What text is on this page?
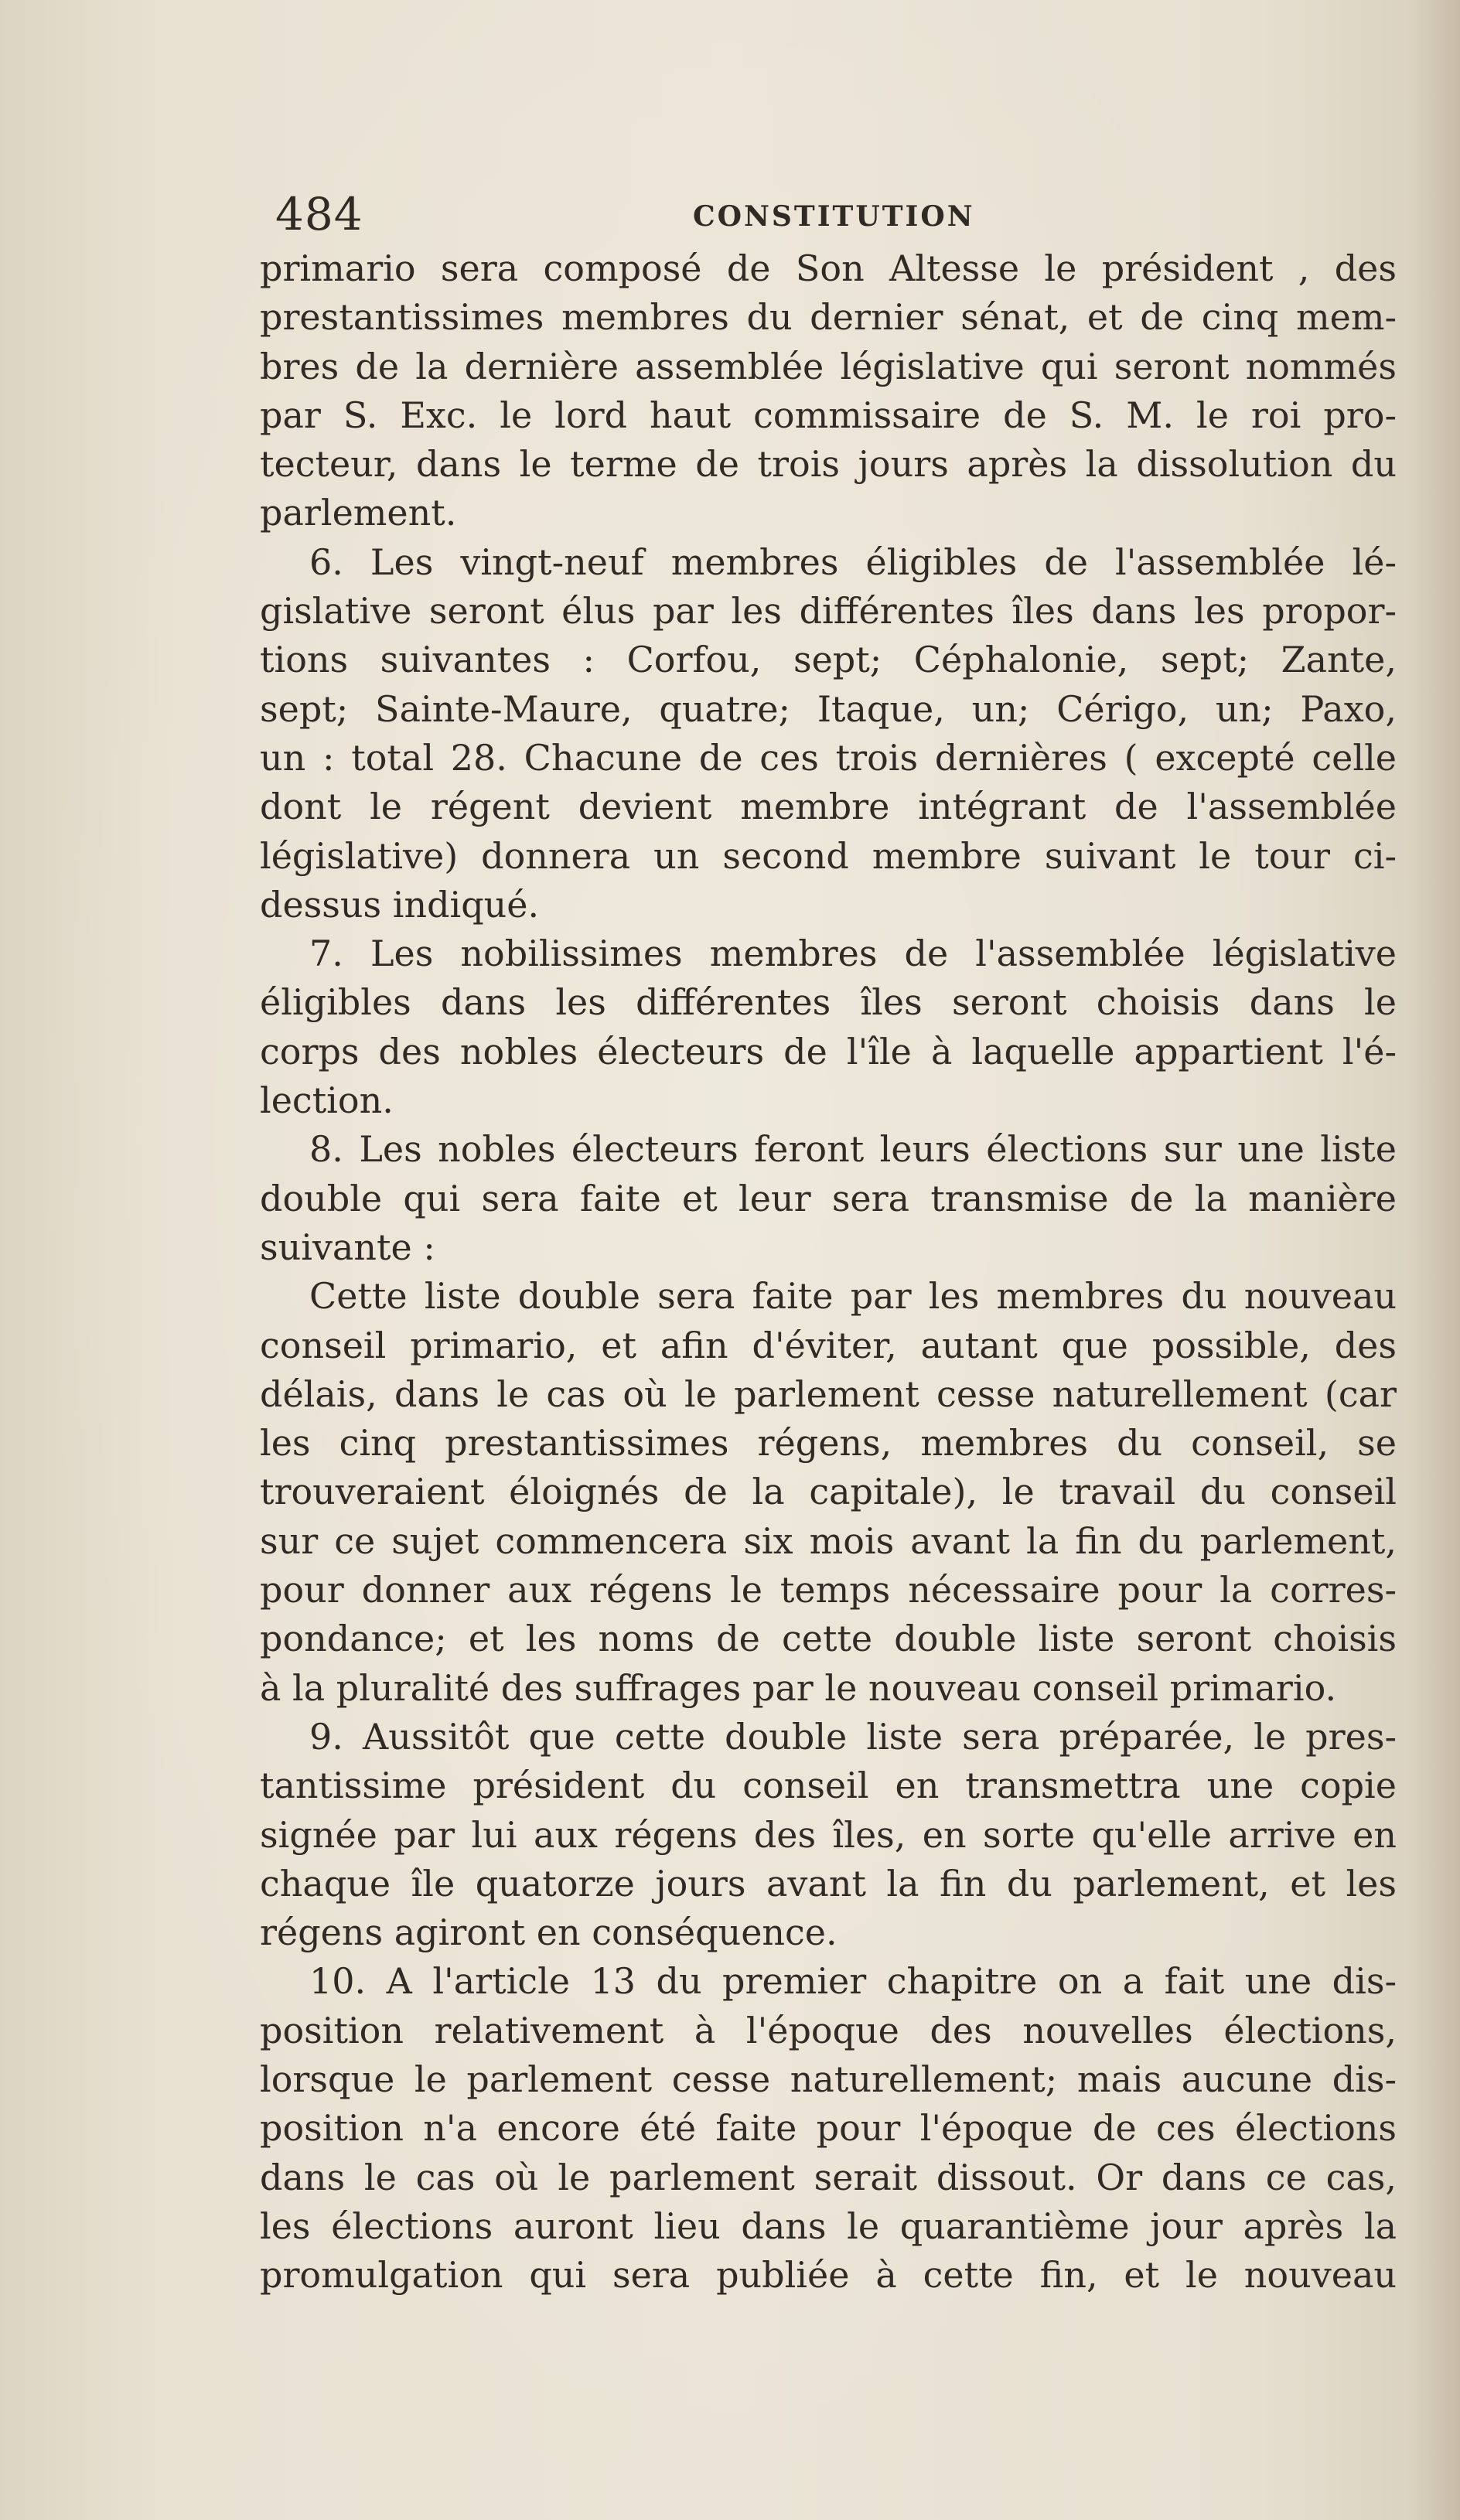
484	CONSTITUTION
primario sera composé de Son Altesse le président , des
prestantissimes membres du dernier sénat, et de cinq mem-
bres de la dernière assemblée législative qui seront nommés
par S. Exc. le lord haut commissaire de S. M. le roi pro-
tecteur, dans le terme de trois jours après la dissolution du
parlement.
6. Les vingt-neuf membres éligibles de l'assemblée lé-
gislative seront élus par les différentes îles dans les propor-
tions suivantes : Corfou, sept; Céphalonie, sept; Zante,
sept; Sainte-Maure, quatre; Itaque, un; Cérigo, un; Paxo,
un : total 28. Chacune de ces trois dernières ( excepté celle
dont le régent devient membre intégrant de l'assemblée
législative) donnera un second membre suivant le tour ci-
dessus indiqué.
7. Les nobilissimes membres de l'assemblée législative
éligibles dans les différentes îles seront choisis dans le
corps des nobles électeurs de l'île à laquelle appartient l'é-
lection.
8. Les nobles électeurs feront leurs élections sur une liste
double qui sera faite et leur sera transmise de la manière
suivante :
Cette liste double sera faite par les membres du nouveau
conseil primario, et afin d'éviter, autant que possible, des
délais, dans le cas où le parlement cesse naturellement (car
les cinq prestantissimes régens, membres du conseil, se
trouveraient éloignés de la capitale), le travail du conseil
sur ce sujet commencera six mois avant la fin du parlement,
pour donner aux régens le temps nécessaire pour la corres-
pondance; et les noms de cette double liste seront choisis
à la pluralité des suffrages par le nouveau conseil primario.
9. Aussitôt que cette double liste sera préparée, le pres-
tantissime président du conseil en transmettra une copie
signée par lui aux régens des îles, en sorte qu'elle arrive en
chaque île quatorze jours avant la fin du parlement, et les
régens agiront en conséquence.
10. A l'article 13 du premier chapitre on a fait une dis-
position relativement à l'époque des nouvelles élections,
lorsque le parlement cesse naturellement; mais aucune dis-
position n'a encore été faite pour l'époque de ces élections
dans le cas où le parlement serait dissout. Or dans ce cas,
les élections auront lieu dans le quarantième jour après la
promulgation qui sera publiée à cette fin, et le nouveau
